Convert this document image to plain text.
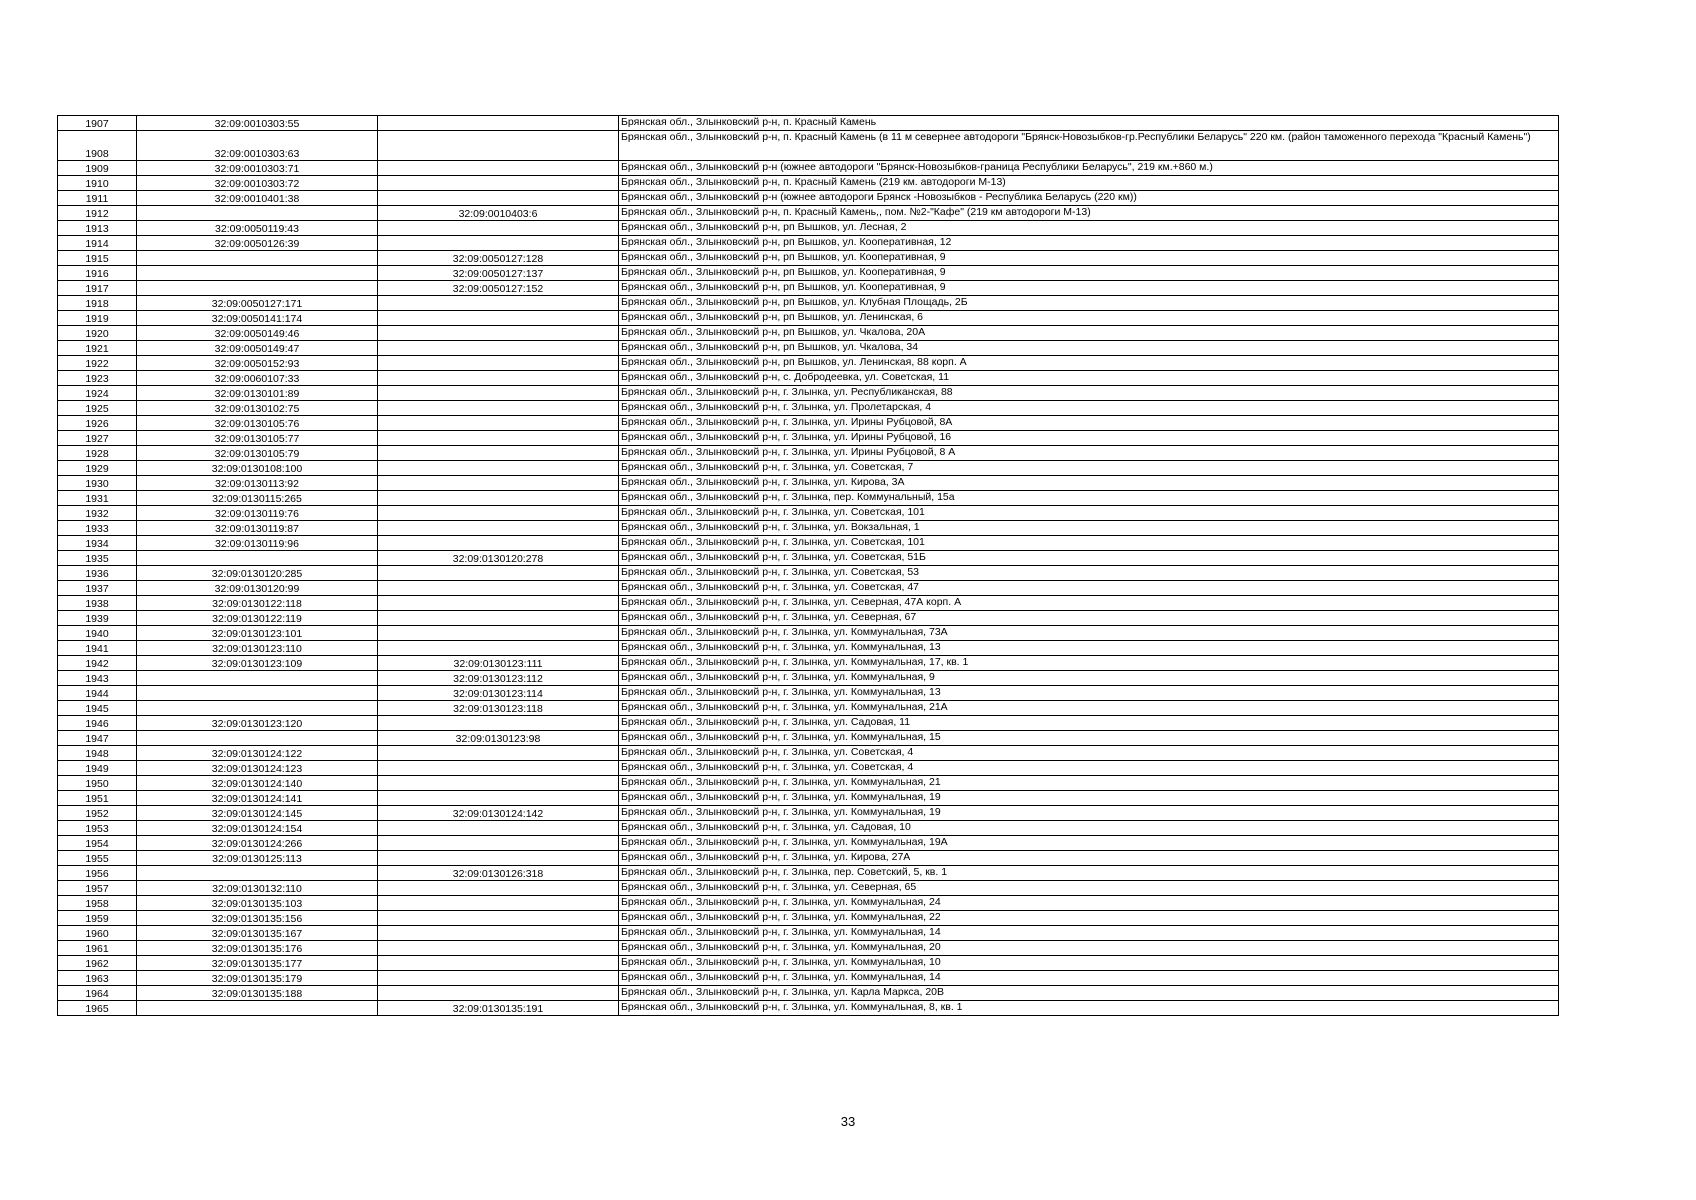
1907	32:09:0010303:55		Брянская обл., Злынковский р-н, п. Красный Камень
1908	32:09:0010303:63		Брянская обл., Злынковский р-н, п. Красный Камень (в 11 м севернее автодороги "Брянск-Новозыбков-гр.Республики Беларусь" 220 км. (район таможенного перехода "Красный Камень")
1909	32:09:0010303:71		Брянская обл., Злынковский р-н (южнее автодороги "Брянск-Новозыбков-граница Республики Беларусь", 219 км.+860 м.)
1910	32:09:0010303:72		Брянская обл., Злынковский р-н, п. Красный Камень (219 км. автодороги М-13)
1911	32:09:0010401:38		Брянская обл., Злынковский р-н (южнее автодороги Брянск -Новозыбков - Республика Беларусь (220 км))
1912		32:09:0010403:6	Брянская обл., Злынковский р-н, п. Красный Камень,, пом. №2-"Кафе" (219 км автодороги М-13)
1913	32:09:0050119:43		Брянская обл., Злынковский р-н, рп Вышков, ул. Лесная, 2
1914	32:09:0050126:39		Брянская обл., Злынковский р-н, рп Вышков, ул. Кооперативная, 12
1915		32:09:0050127:128	Брянская обл., Злынковский р-н, рп Вышков, ул. Кооперативная, 9
1916		32:09:0050127:137	Брянская обл., Злынковский р-н, рп Вышков, ул. Кооперативная, 9
1917		32:09:0050127:152	Брянская обл., Злынковский р-н, рп Вышков, ул. Кооперативная, 9
1918	32:09:0050127:171		Брянская обл., Злынковский р-н, рп Вышков, ул. Клубная Площадь, 2Б
1919	32:09:0050141:174		Брянская обл., Злынковский р-н, рп Вышков, ул. Ленинская, 6
1920	32:09:0050149:46		Брянская обл., Злынковский р-н, рп Вышков, ул. Чкалова, 20А
1921	32:09:0050149:47		Брянская обл., Злынковский р-н, рп Вышков, ул. Чкалова, 34
1922	32:09:0050152:93		Брянская обл., Злынковский р-н, рп Вышков, ул. Ленинская, 88 корп. А
1923	32:09:0060107:33		Брянская обл., Злынковский р-н, с. Добродеевка, ул. Советская, 11
1924	32:09:0130101:89		Брянская обл., Злынковский р-н, г. Злынка, ул. Республиканская, 88
1925	32:09:0130102:75		Брянская обл., Злынковский р-н, г. Злынка, ул. Пролетарская, 4
1926	32:09:0130105:76		Брянская обл., Злынковский р-н, г. Злынка, ул. Ирины Рубцовой, 8А
1927	32:09:0130105:77		Брянская обл., Злынковский р-н, г. Злынка, ул. Ирины Рубцовой, 16
1928	32:09:0130105:79		Брянская обл., Злынковский р-н, г. Злынка, ул. Ирины Рубцовой, 8 А
1929	32:09:0130108:100		Брянская обл., Злынковский р-н, г. Злынка, ул. Советская, 7
1930	32:09:0130113:92		Брянская обл., Злынковский р-н, г. Злынка, ул. Кирова, 3А
1931	32:09:0130115:265		Брянская обл., Злынковский р-н, г. Злынка, пер. Коммунальный, 15а
1932	32:09:0130119:76		Брянская обл., Злынковский р-н, г. Злынка, ул. Советская, 101
1933	32:09:0130119:87		Брянская обл., Злынковский р-н, г. Злынка, ул. Вокзальная, 1
1934	32:09:0130119:96		Брянская обл., Злынковский р-н, г. Злынка, ул. Советская, 101
1935		32:09:0130120:278	Брянская обл., Злынковский р-н, г. Злынка, ул. Советская, 51Б
1936	32:09:0130120:285		Брянская обл., Злынковский р-н, г. Злынка, ул. Советская, 53
1937	32:09:0130120:99		Брянская обл., Злынковский р-н, г. Злынка, ул. Советская, 47
1938	32:09:0130122:118		Брянская обл., Злынковский р-н, г. Злынка, ул. Северная, 47А корп. А
1939	32:09:0130122:119		Брянская обл., Злынковский р-н, г. Злынка, ул. Северная, 67
1940	32:09:0130123:101		Брянская обл., Злынковский р-н, г. Злынка, ул. Коммунальная, 73А
1941	32:09:0130123:110		Брянская обл., Злынковский р-н, г. Злынка, ул. Коммунальная, 13
1942	32:09:0130123:109	32:09:0130123:111	Брянская обл., Злынковский р-н, г. Злынка, ул. Коммунальная, 17, кв. 1
1943		32:09:0130123:112	Брянская обл., Злынковский р-н, г. Злынка, ул. Коммунальная, 9
1944		32:09:0130123:114	Брянская обл., Злынковский р-н, г. Злынка, ул. Коммунальная, 13
1945		32:09:0130123:118	Брянская обл., Злынковский р-н, г. Злынка, ул. Коммунальная, 21А
1946	32:09:0130123:120		Брянская обл., Злынковский р-н, г. Злынка, ул. Садовая, 11
1947		32:09:0130123:98	Брянская обл., Злынковский р-н, г. Злынка, ул. Коммунальная, 15
1948	32:09:0130124:122		Брянская обл., Злынковский р-н, г. Злынка, ул. Советская, 4
1949	32:09:0130124:123		Брянская обл., Злынковский р-н, г. Злынка, ул. Советская, 4
1950	32:09:0130124:140		Брянская обл., Злынковский р-н, г. Злынка, ул. Коммунальная, 21
1951	32:09:0130124:141		Брянская обл., Злынковский р-н, г. Злынка, ул. Коммунальная, 19
1952	32:09:0130124:145	32:09:0130124:142	Брянская обл., Злынковский р-н, г. Злынка, ул. Коммунальная, 19
1953	32:09:0130124:154		Брянская обл., Злынковский р-н, г. Злынка, ул. Садовая, 10
1954	32:09:0130124:266		Брянская обл., Злынковский р-н, г. Злынка, ул. Коммунальная, 19А
1955	32:09:0130125:113		Брянская обл., Злынковский р-н, г. Злынка, ул. Кирова, 27А
1956		32:09:0130126:318	Брянская обл., Злынковский р-н, г. Злынка, пер. Советский, 5, кв. 1
1957	32:09:0130132:110		Брянская обл., Злынковский р-н, г. Злынка, ул. Северная, 65
1958	32:09:0130135:103		Брянская обл., Злынковский р-н, г. Злынка, ул. Коммунальная, 24
1959	32:09:0130135:156		Брянская обл., Злынковский р-н, г. Злынка, ул. Коммунальная, 22
1960	32:09:0130135:167		Брянская обл., Злынковский р-н, г. Злынка, ул. Коммунальная, 14
1961	32:09:0130135:176		Брянская обл., Злынковский р-н, г. Злынка, ул. Коммунальная, 20
1962	32:09:0130135:177		Брянская обл., Злынковский р-н, г. Злынка, ул. Коммунальная, 10
1963	32:09:0130135:179		Брянская обл., Злынковский р-н, г. Злынка, ул. Коммунальная, 14
1964	32:09:0130135:188		Брянская обл., Злынковский р-н, г. Злынка, ул. Карла Маркса, 20В
1965		32:09:0130135:191	Брянская обл., Злынковский р-н, г. Злынка, ул. Коммунальная, 8, кв. 1
33
